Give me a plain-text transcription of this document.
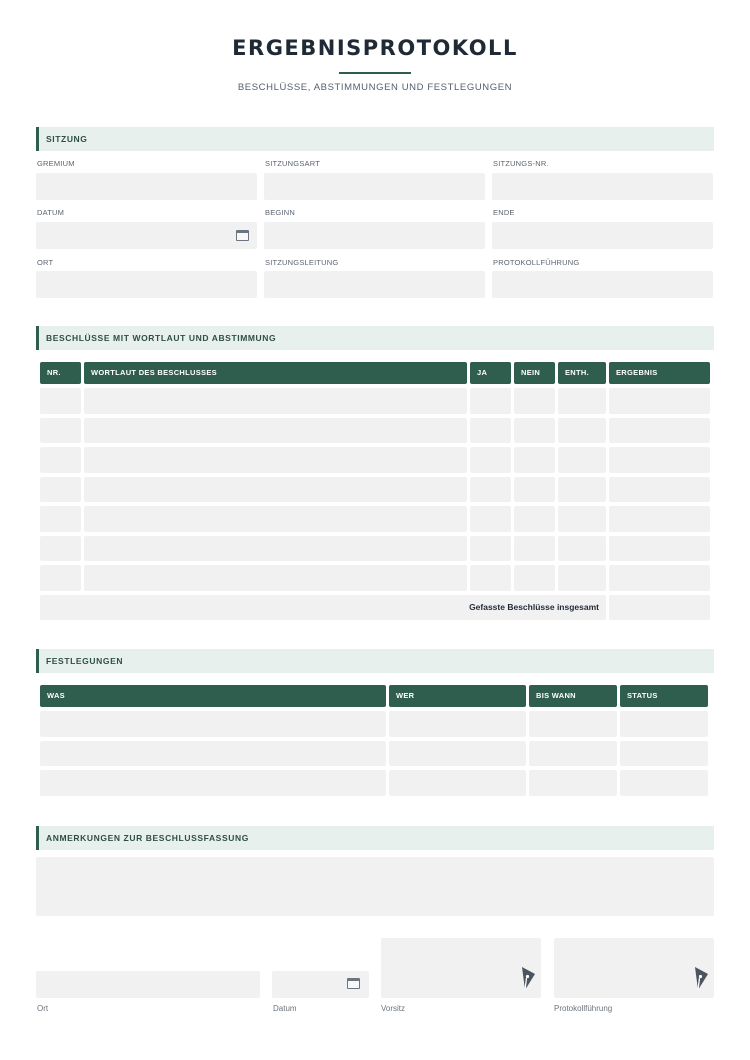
ERGEBNISPROTOKOLL
BESCHLÜSSE, ABSTIMMUNGEN UND FESTLEGUNGEN
SITZUNG
GREMIUM	SITZUNGSART	SITZUNGS-NR.
DATUM	BEGINN	ENDE
ORT	SITZUNGSLEITUNG	PROTOKOLLFÜHRUNG
BESCHLÜSSE MIT WORTLAUT UND ABSTIMMUNG
NR.	WORTLAUT DES BESCHLUSSES	JA	NEIN	ENTH.	ERGEBNIS
Gefasste Beschlüsse insgesamt
FESTLEGUNGEN
WAS	WER	BIS WANN	STATUS
ANMERKUNGEN ZUR BESCHLUSSFASSUNG
Ort	Datum	Vorsitz	Protokollführung
